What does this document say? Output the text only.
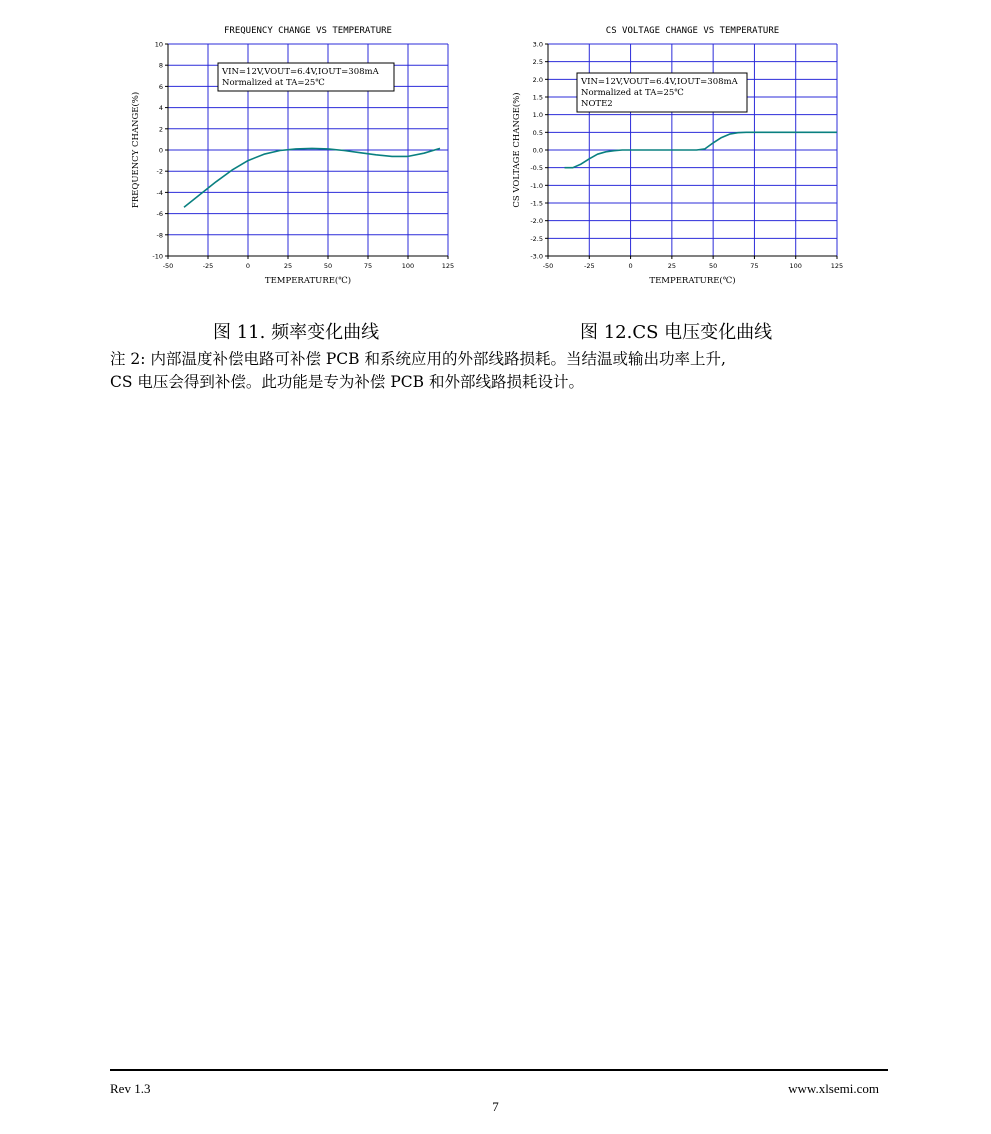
FREQUENCY CHANGE VS TEMPERATURE
-50	-25	0	25	50	75	100	125
-10
-8
-6
-4
-2
0
2
4
6
8
10
TEMPERATURE(℃)
FREQUENCY CHANGE(%)
VIN=12V,VOUT=6.4V,IOUT=308mA
Normalized at TA=25℃
CS VOLTAGE CHANGE VS TEMPERATURE
-50	-25	0	25	50	75	100	125
-3.0
-2.5
-2.0
-1.5
-1.0
-0.5
0.0
0.5
1.0
1.5
2.0
2.5
3.0
TEMPERATURE(℃)
CS VOLTAGE CHANGE(%)
VIN=12V,VOUT=6.4V,IOUT=308mA
Normalized at TA=25℃
NOTE2
图 11. 频率变化曲线	图 12.CS 电压变化曲线
注 2: 内部温度补偿电路可补偿 PCB 和系统应用的外部线路损耗。当结温或输出功率上升,
CS 电压会得到补偿。此功能是专为补偿 PCB 和外部线路损耗设计。
Rev 1.3	www.xlsemi.com
7
